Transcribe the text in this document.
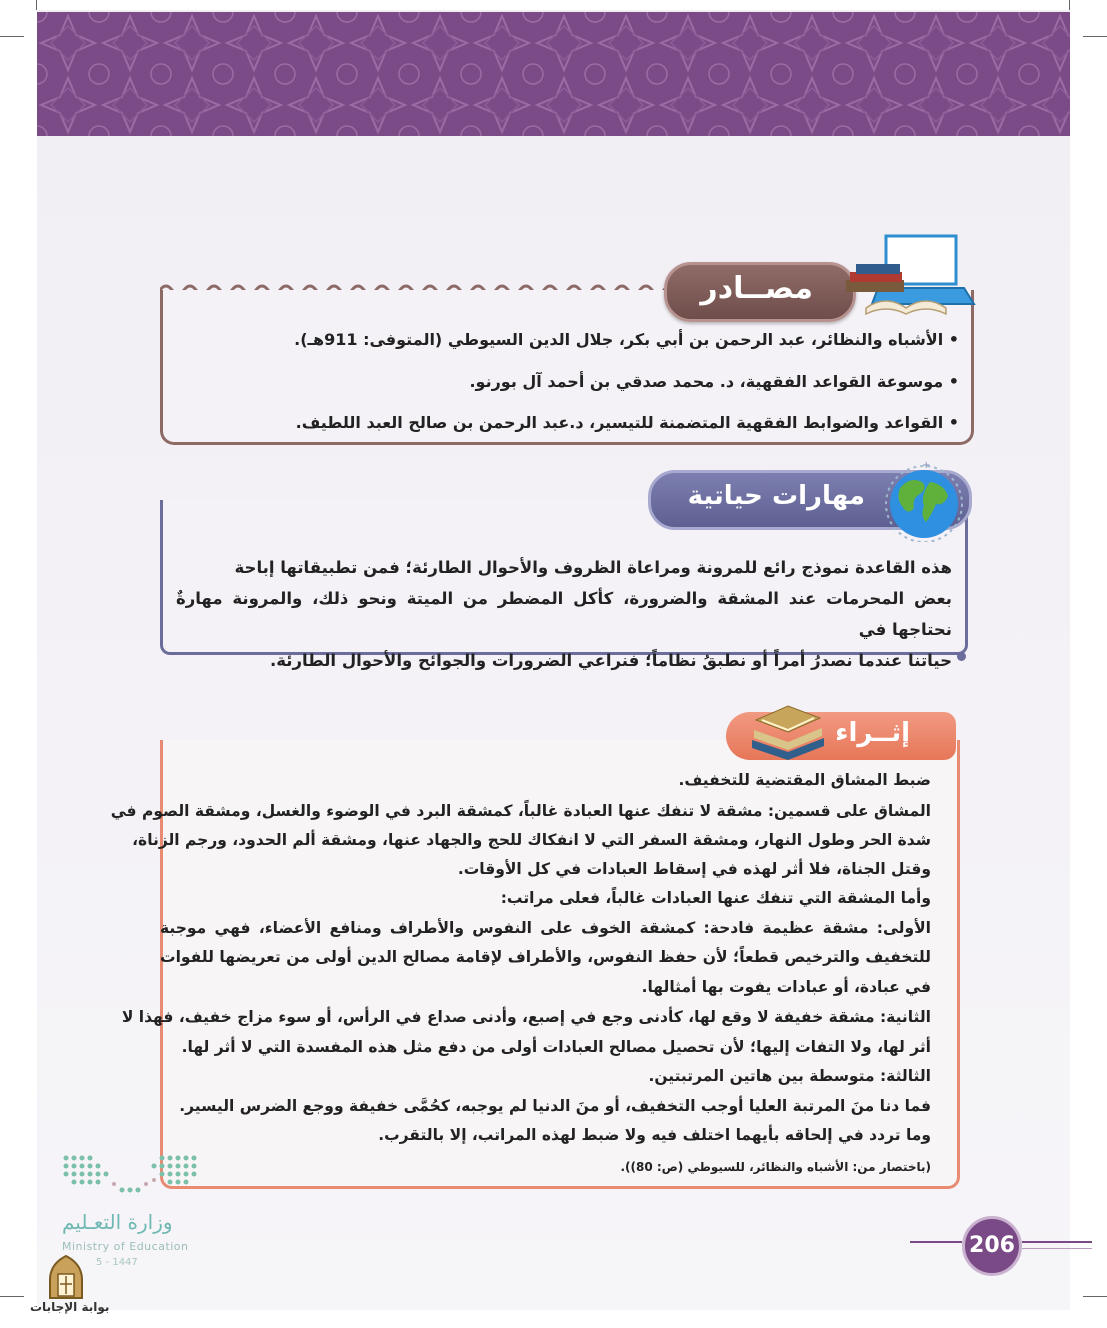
مصــادر
• الأشباه والنظائر، عبد الرحمن بن أبي بكر، جلال الدين السيوطي (المتوفى: 911هـ).
• موسوعة القواعد الفقهية، د. محمد صدقي بن أحمد آل بورنو.
• القواعد والضوابط الفقهية المتضمنة للتيسير، د.عبد الرحمن بن صالح العبد اللطيف.
مهارات حياتية
+
هذه القاعدة نموذج رائع للمرونة ومراعاة الظروف والأحوال الطارئة؛ فمن تطبيقاتها إباحة
بعض المحرمات عند المشقة والضرورة، كأكل المضطر من الميتة ونحو ذلك، والمرونة مهارةٌ نحتاجها في
حياتنا عندما نصدرُ أمراً أو نطبقُ نظاماً؛ فنراعي الضرورات والجوائح والأحوال الطارئة.
إثــراء
ضبط المشاق المقتضية للتخفيف.
المشاق على قسمين: مشقة لا تنفك عنها العبادة غالباً، كمشقة البرد في الوضوء والغسل، ومشقة الصوم في
شدة الحر وطول النهار، ومشقة السفر التي لا انفكاك للحج والجهاد عنها، ومشقة ألم الحدود، ورجم الزناة،
وقتل الجناة، فلا أثر لهذه في إسقاط العبادات في كل الأوقات.
وأما المشقة التي تنفك عنها العبادات غالباً، فعلى مراتب:
الأولى: مشقة عظيمة فادحة: كمشقة الخوف على النفوس والأطراف ومنافع الأعضاء، فهي موجبة
للتخفيف والترخيص قطعاً؛ لأن حفظ النفوس، والأطراف لإقامة مصالح الدين أولى من تعريضها للفوات
في عبادة، أو عبادات يفوت بها أمثالها.
الثانية: مشقة خفيفة لا وقع لها، كأدنى وجع في إصبع، وأدنى صداع في الرأس، أو سوء مزاج خفيف، فهذا لا
أثر لها، ولا التفات إليها؛ لأن تحصيل مصالح العبادات أولى من دفع مثل هذه المفسدة التي لا أثر لها.
الثالثة: متوسطة بين هاتين المرتبتين.
فما دنا منَ المرتبة العليا أوجب التخفيف، أو منَ الدنيا لم يوجبه، كحُمَّى خفيفة ووجع الضرس اليسير.
وما تردد في إلحاقه بأيهما اختلف فيه ولا ضبط لهذه المراتب، إلا بالتقرب.
(باختصار من: الأشباه والنظائر، للسيوطي (ص: 80)).
206
وزارة التعـليم
Ministry of Education
5 - 1447
بوابة الإجابات
